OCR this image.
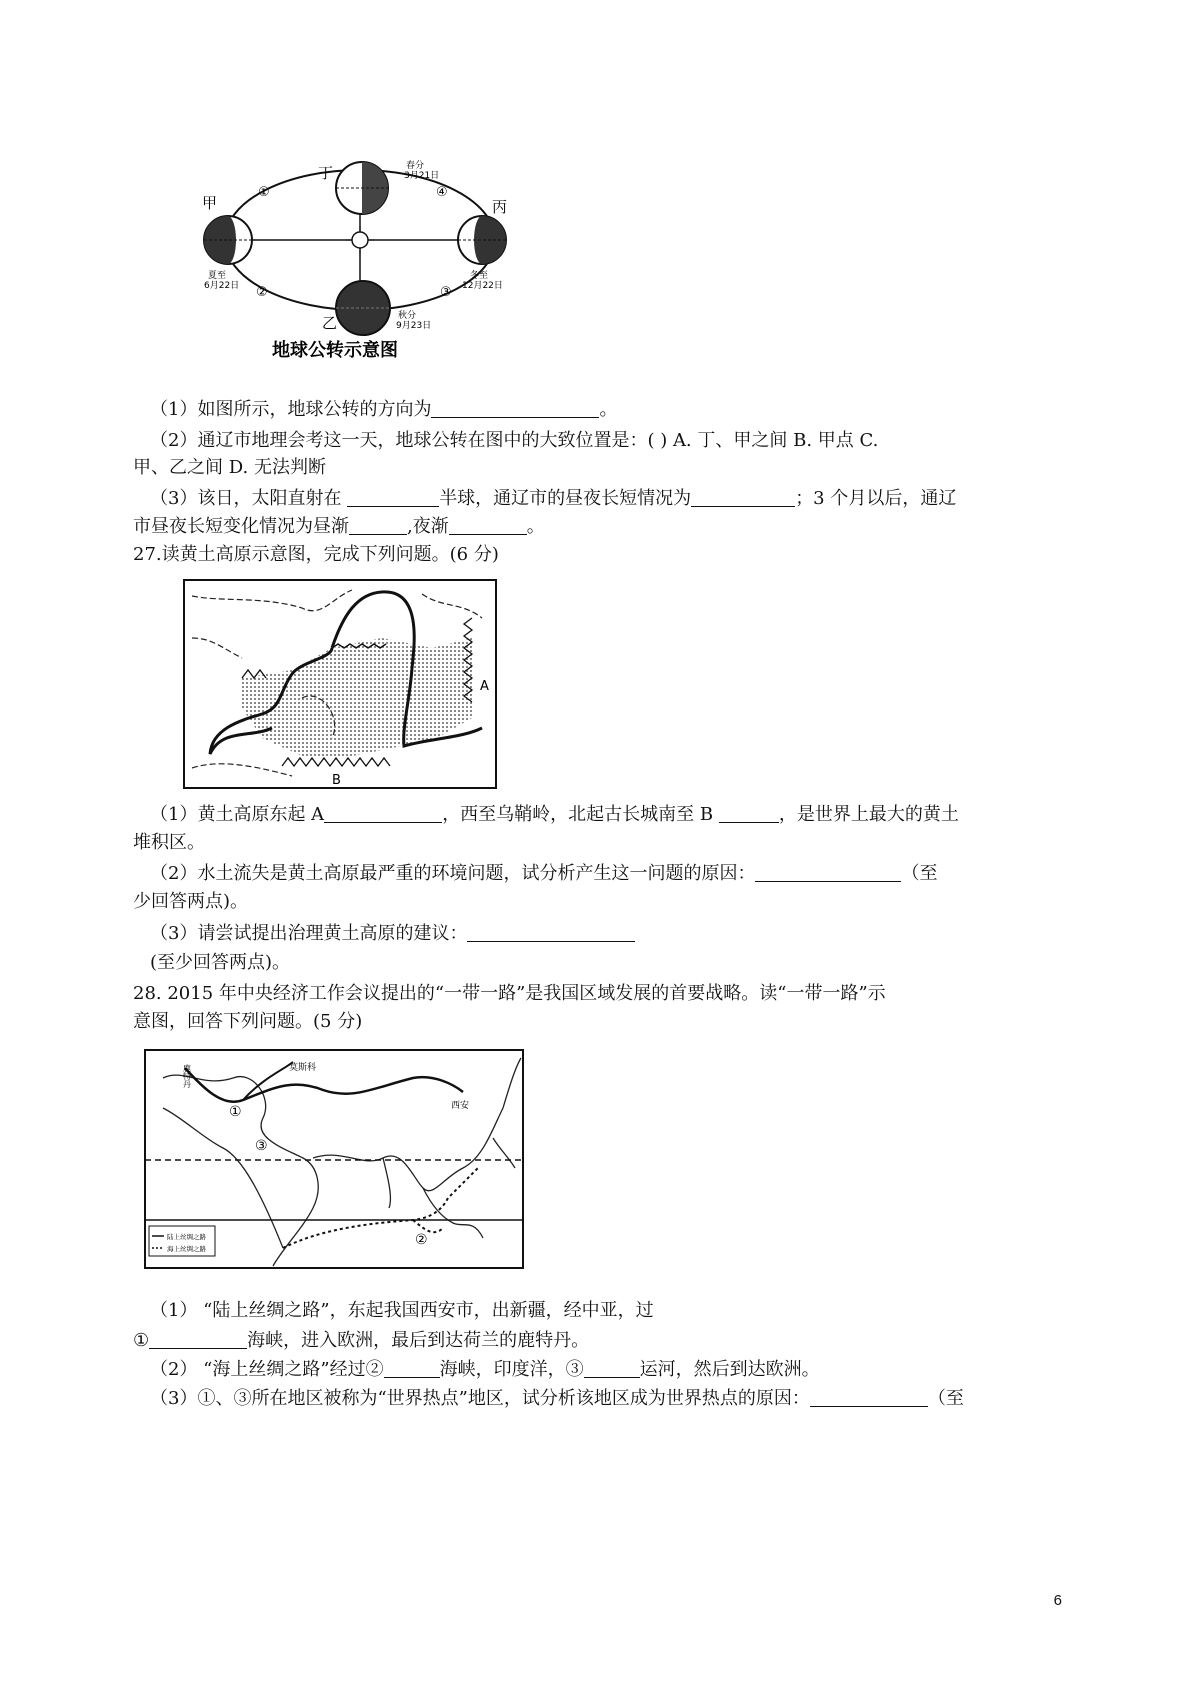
丁
甲	丙
乙
①	④
②	③
春分
3月21日
夏至
6月22日
冬至
12月22日
秋分
9月23日
地球公转示意图
（1）如图所示，地球公转的方向为	。
（2）通辽市地理会考这一天，地球公转在图中的大致位置是：( ) A. 丁、甲之间 B. 甲点 C.
甲、乙之间 D. 无法判断
（3）该日，太阳直射在	半球，通辽市的昼夜长短情况为	；3 个月以后，通辽
市昼夜长短变化情况为昼渐	,夜渐	。
27.读黄土高原示意图，完成下列问题。(6 分)
A
B
（1）黄土高原东起 A	，西至乌鞘岭，北起古长城南至 B	，是世界上最大的黄土
堆积区。
（2）水土流失是黄土高原最严重的环境问题，试分析产生这一问题的原因：	（至
少回答两点)。
（3）请尝试提出治理黄土高原的建议：
(至少回答两点)。
28. 2015 年中央经济工作会议提出的“一带一路”是我国区域发展的首要战略。读“一带一路”示
意图，回答下列问题。(5 分)
鹿特丹	莫斯科
西安
①
③
②
陆上丝绸之路
海上丝绸之路
（1） “陆上丝绸之路”，东起我国西安市，出新疆，经中亚，过
①	海峡，进入欧洲，最后到达荷兰的鹿特丹。
（2） “海上丝绸之路”经过②	海峡，印度洋，③	运河，然后到达欧洲。
（3）①、③所在地区被称为“世界热点”地区，试分析该地区成为世界热点的原因：	（至
6
